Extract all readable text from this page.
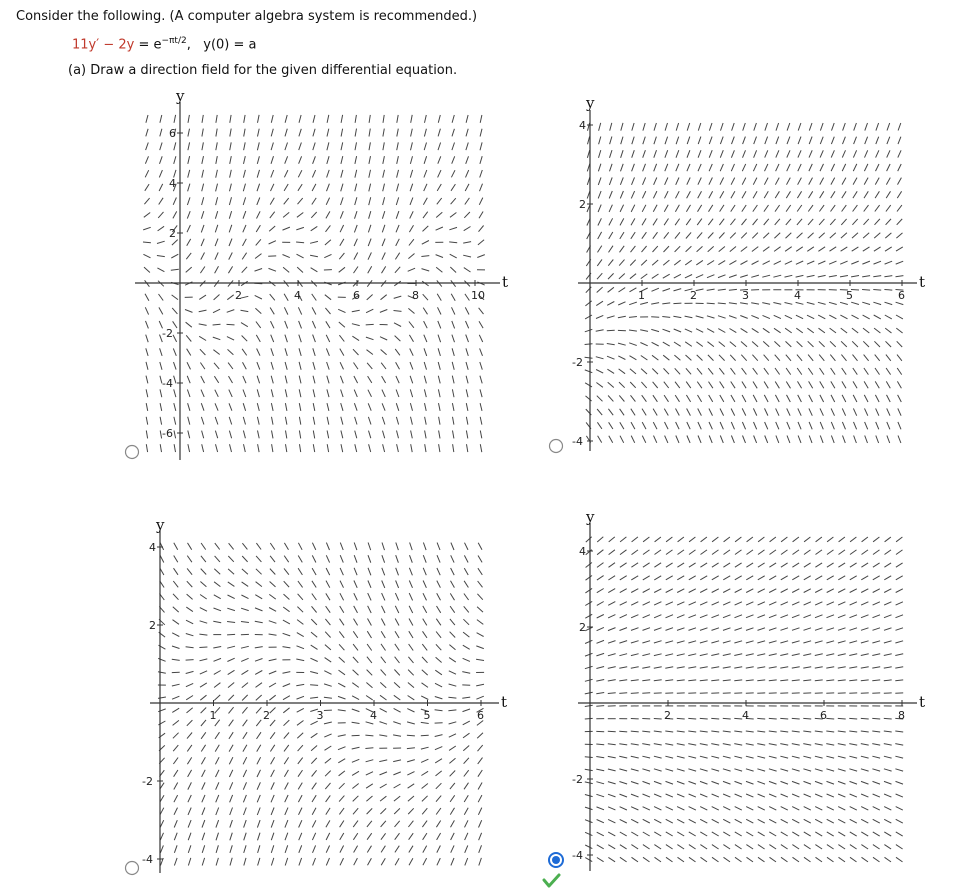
Consider the following. (A computer algebra system is recommended.)
$11y' - 2y = e^{-\pi t/2}$,   y(0) = a
(a) Draw a direction field for the given differential equation.
t
y
2	4	6	8	10
6
4
2
-2
-4
-6
t
y
1	2	3	4	5	6
4
2
-2
-4
t
y
1	2	3	4	5	6
4
2
-2
-4
t
y
2	4	6	8
4
2
-2
-4
